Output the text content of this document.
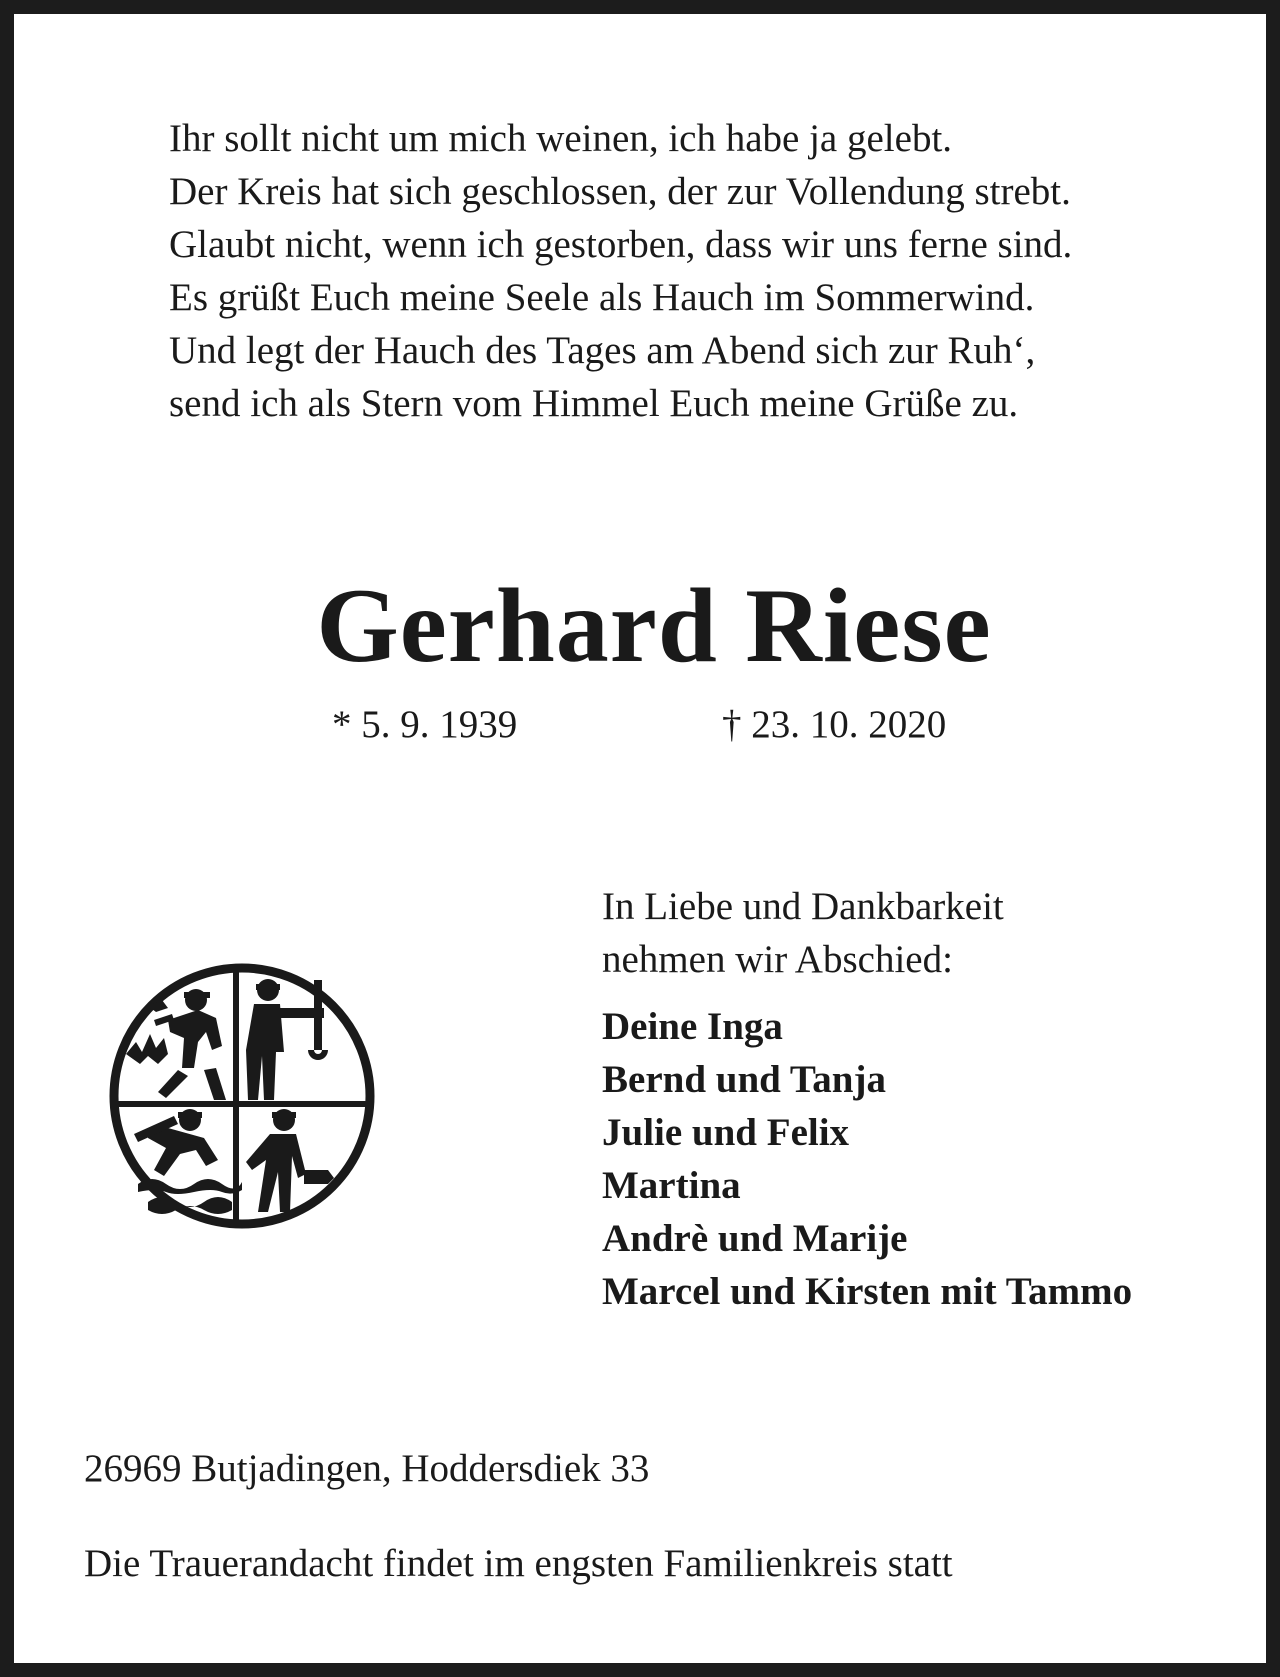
Ihr sollt nicht um mich weinen, ich habe ja gelebt.
Der Kreis hat sich geschlossen, der zur Vollendung strebt.
Glaubt nicht, wenn ich gestorben, dass wir uns ferne sind.
Es grüßt Euch meine Seele als Hauch im Sommerwind.
Und legt der Hauch des Tages am Abend sich zur Ruh‘,
send ich als Stern vom Himmel Euch meine Grüße zu.
Gerhard Riese
* 5. 9. 1939	† 23. 10. 2020
In Liebe und Dankbarkeit
nehmen wir Abschied:
Deine Inga
Bernd und Tanja
Julie und Felix
Martina
Andrè und Marije
Marcel und Kirsten mit Tammo
26969 Butjadingen, Hoddersdiek 33
Die Trauerandacht findet im engsten Familienkreis statt
